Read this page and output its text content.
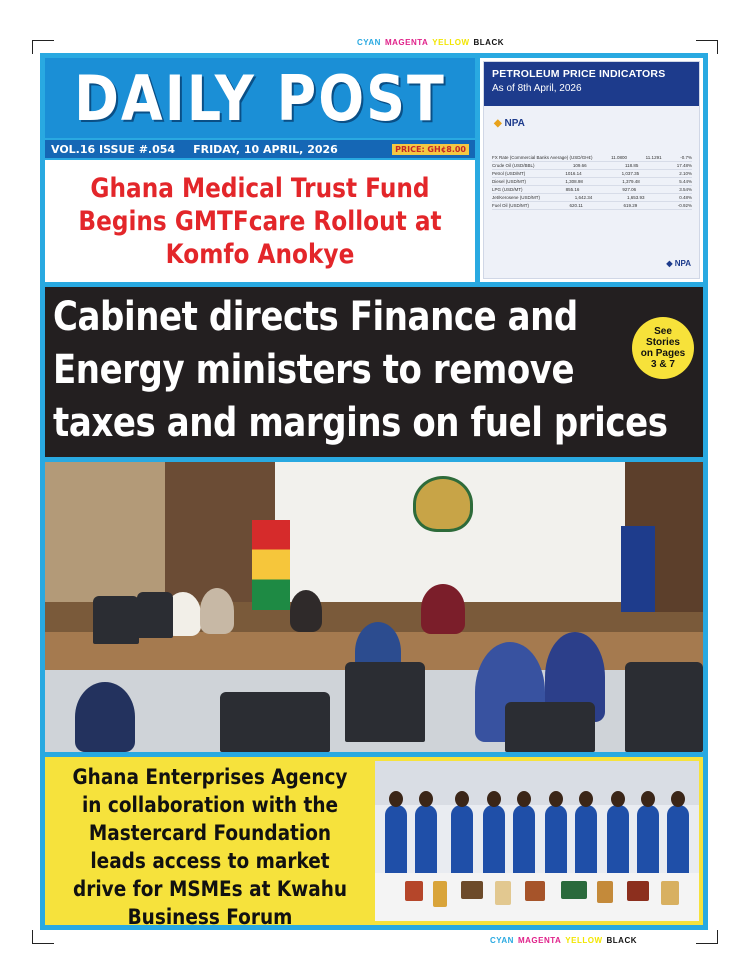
CYAN MAGENTA YELLOW BLACK
CYAN MAGENTA YELLOW BLACK
DAILY POST
VOL.16 ISSUE #.054 FRIDAY, 10 APRIL, 2026	PRICE: GH¢8.00
Ghana Medical Trust Fund Begins GMTFcare Rollout at Komfo Anokye
PETROLEUM PRICE INDICATORS
As of 8th April, 2026
◆ NPA
FX Rate (Commercial Banks Average) (USD/GH¢)	11.0800	11.1291	-0.7%
Crude Oil (USD/BBL)	109.66	118.85	17.48%
Petrol (USD/MT)	1016.14	1,037.35	2.10%
Diesel (USD/MT)	1,308.98	1,379.48	5.44%
LPG (USD/MT)	855.16	927.06	3.54%
Jet/Kerosene (USD/MT)	1,642.34	1,653.93	0.48%
Fuel Oil (USD/MT)	620.11	619.29	-0.92%
◆ NPA
Cabinet directs Finance and
Energy ministers to remove
taxes and margins on fuel prices
See
Stories
on Pages
3 & 7
Ghana Enterprises Agency in collaboration with the Mastercard Foundation leads access to market drive for MSMEs at Kwahu Business Forum
